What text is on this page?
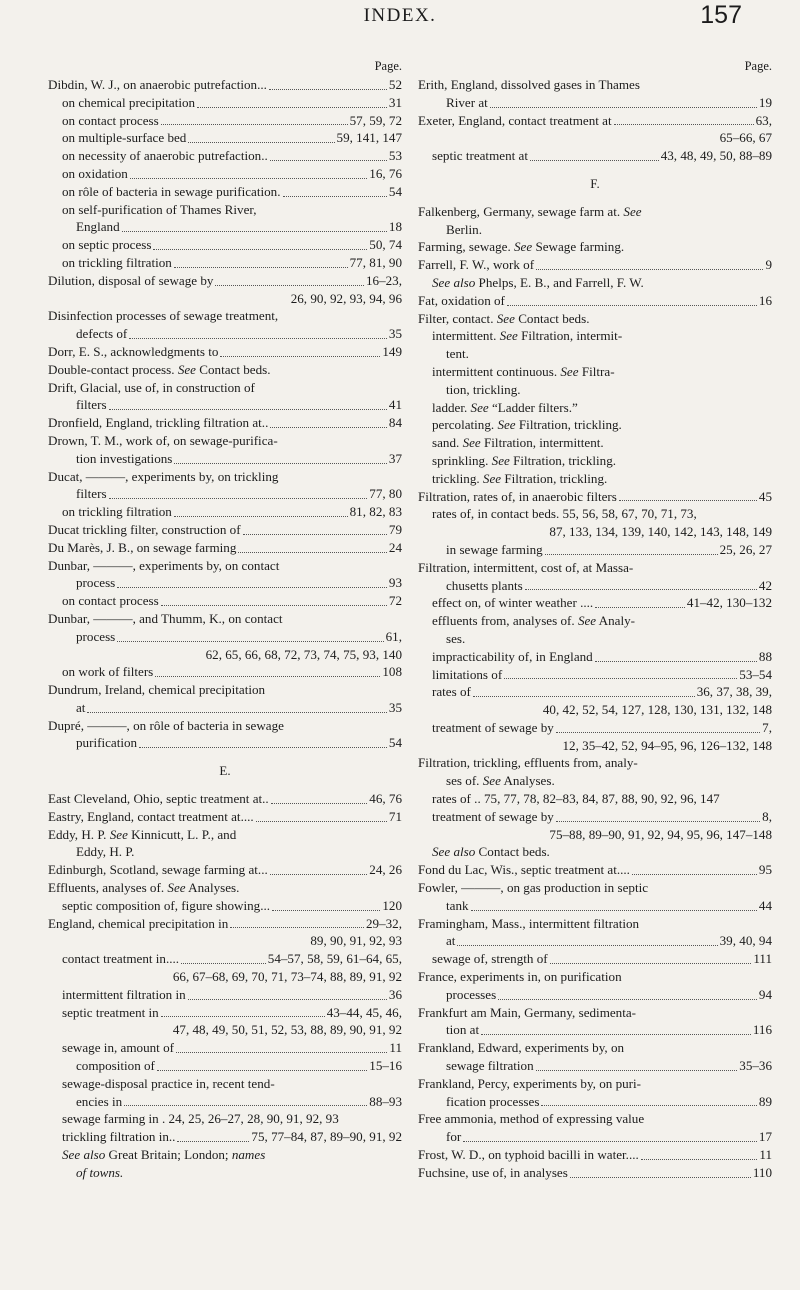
INDEX.	157
Page.
Dibdin, W. J., on anaerobic putrefaction...	52
on chemical precipitation	31
on contact process	57, 59, 72
on multiple-surface bed	59, 141, 147
on necessity of anaerobic putrefaction..	53
on oxidation	16, 76
on rôle of bacteria in sewage purification.	54
on self-purification of Thames River,
England	18
on septic process	50, 74
on trickling filtration	77, 81, 90
Dilution, disposal of sewage by	16–23,
26, 90, 92, 93, 94, 96
Disinfection processes of sewage treatment,
defects of	35
Dorr, E. S., acknowledgments to	149
Double-contact process. See Contact beds.
Drift, Glacial, use of, in construction of
filters	41
Dronfield, England, trickling filtration at..	84
Drown, T. M., work of, on sewage-purifica-
tion investigations	37
Ducat, ———, experiments by, on trickling
filters	77, 80
on trickling filtration	81, 82, 83
Ducat trickling filter, construction of	79
Du Marès, J. B., on sewage farming	24
Dunbar, ———, experiments by, on contact
process	93
on contact process	72
Dunbar, ———, and Thumm, K., on contact
process	61,
62, 65, 66, 68, 72, 73, 74, 75, 93, 140
on work of filters	108
Dundrum, Ireland, chemical precipitation
at	35
Dupré, ———, on rôle of bacteria in sewage
purification	54
E.
East Cleveland, Ohio, septic treatment at..	46, 76
Eastry, England, contact treatment at....	71
Eddy, H. P. See Kinnicutt, L. P., and
Eddy, H. P.
Edinburgh, Scotland, sewage farming at...	24, 26
Effluents, analyses of. See Analyses.
septic composition of, figure showing...	120
England, chemical precipitation in	29–32,
89, 90, 91, 92, 93
contact treatment in....	54–57, 58, 59, 61–64, 65,
66, 67–68, 69, 70, 71, 73–74, 88, 89, 91, 92
intermittent filtration in	36
septic treatment in	43–44, 45, 46,
47, 48, 49, 50, 51, 52, 53, 88, 89, 90, 91, 92
sewage in, amount of	11
composition of	15–16
sewage-disposal practice in, recent tend-
encies in	88–93
sewage farming in . 24, 25, 26–27, 28, 90, 91, 92, 93
trickling filtration in..	75, 77–84, 87, 89–90, 91, 92
See also Great Britain; London; names
of towns.
Page.
Erith, England, dissolved gases in Thames
River at	19
Exeter, England, contact treatment at	63,
65–66, 67
septic treatment at	43, 48, 49, 50, 88–89
F.
Falkenberg, Germany, sewage farm at. See
Berlin.
Farming, sewage. See Sewage farming.
Farrell, F. W., work of	9
See also Phelps, E. B., and Farrell, F. W.
Fat, oxidation of	16
Filter, contact. See Contact beds.
intermittent. See Filtration, intermit-
tent.
intermittent continuous. See Filtra-
tion, trickling.
ladder. See “Ladder filters.”
percolating. See Filtration, trickling.
sand. See Filtration, intermittent.
sprinkling. See Filtration, trickling.
trickling. See Filtration, trickling.
Filtration, rates of, in anaerobic filters	45
rates of, in contact beds. 55, 56, 58, 67, 70, 71, 73,
87, 133, 134, 139, 140, 142, 143, 148, 149
in sewage farming	25, 26, 27
Filtration, intermittent, cost of, at Massa-
chusetts plants	42
effect on, of winter weather ....	41–42, 130–132
effluents from, analyses of. See Analy-
ses.
impracticability of, in England	88
limitations of	53–54
rates of	36, 37, 38, 39,
40, 42, 52, 54, 127, 128, 130, 131, 132, 148
treatment of sewage by	7,
12, 35–42, 52, 94–95, 96, 126–132, 148
Filtration, trickling, effluents from, analy-
ses of. See Analyses.
rates of .. 75, 77, 78, 82–83, 84, 87, 88, 90, 92, 96, 147
treatment of sewage by	8,
75–88, 89–90, 91, 92, 94, 95, 96, 147–148
See also Contact beds.
Fond du Lac, Wis., septic treatment at....	95
Fowler, ———, on gas production in septic
tank	44
Framingham, Mass., intermittent filtration
at	39, 40, 94
sewage of, strength of	111
France, experiments in, on purification
processes	94
Frankfurt am Main, Germany, sedimenta-
tion at	116
Frankland, Edward, experiments by, on
sewage filtration	35–36
Frankland, Percy, experiments by, on puri-
fication processes	89
Free ammonia, method of expressing value
for	17
Frost, W. D., on typhoid bacilli in water....	11
Fuchsine, use of, in analyses	110
